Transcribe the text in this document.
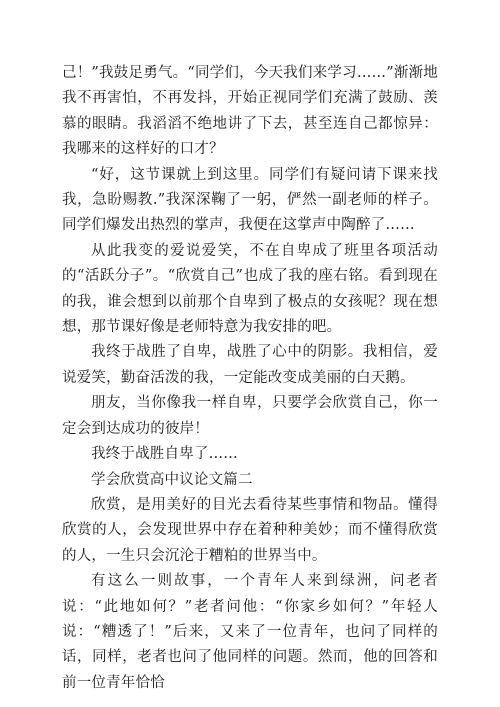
己！”我鼓足勇气。“同学们，今天我们来学习……”渐渐地我不再害怕，不再发抖，开始正视同学们充满了鼓励、羡慕的眼睛。我滔滔不绝地讲了下去，甚至连自己都惊异：我哪来的这样好的口才？

“好，这节课就上到这里。同学们有疑问请下课来找我，急盼赐教.”我深深鞠了一躬，俨然一副老师的样子。同学们爆发出热烈的掌声，我便在这掌声中陶醉了……

从此我变的爱说爱笑，不在自卑成了班里各项活动的“活跃分子”。“欣赏自己”也成了我的座右铭。看到现在的我，谁会想到以前那个自卑到了极点的女孩呢？现在想想，那节课好像是老师特意为我安排的吧。

我终于战胜了自卑，战胜了心中的阴影。我相信，爱说爱笑，勤奋活泼的我，一定能改变成美丽的白天鹅。

朋友，当你像我一样自卑，只要学会欣赏自己，你一定会到达成功的彼岸！

我终于战胜自卑了……

学会欣赏高中议论文篇二

欣赏，是用美好的目光去看待某些事情和物品。懂得欣赏的人，会发现世界中存在着种种美妙；而不懂得欣赏的人，一生只会沉沦于糟粕的世界当中。

有这么一则故事，一个青年人来到绿洲，问老者说：“此地如何？”老者问他：“你家乡如何？”年轻人说：“糟透了！”后来，又来了一位青年，也问了同样的话，同样，老者也问了他同样的问题。然而，他的回答和前一位青年恰恰
